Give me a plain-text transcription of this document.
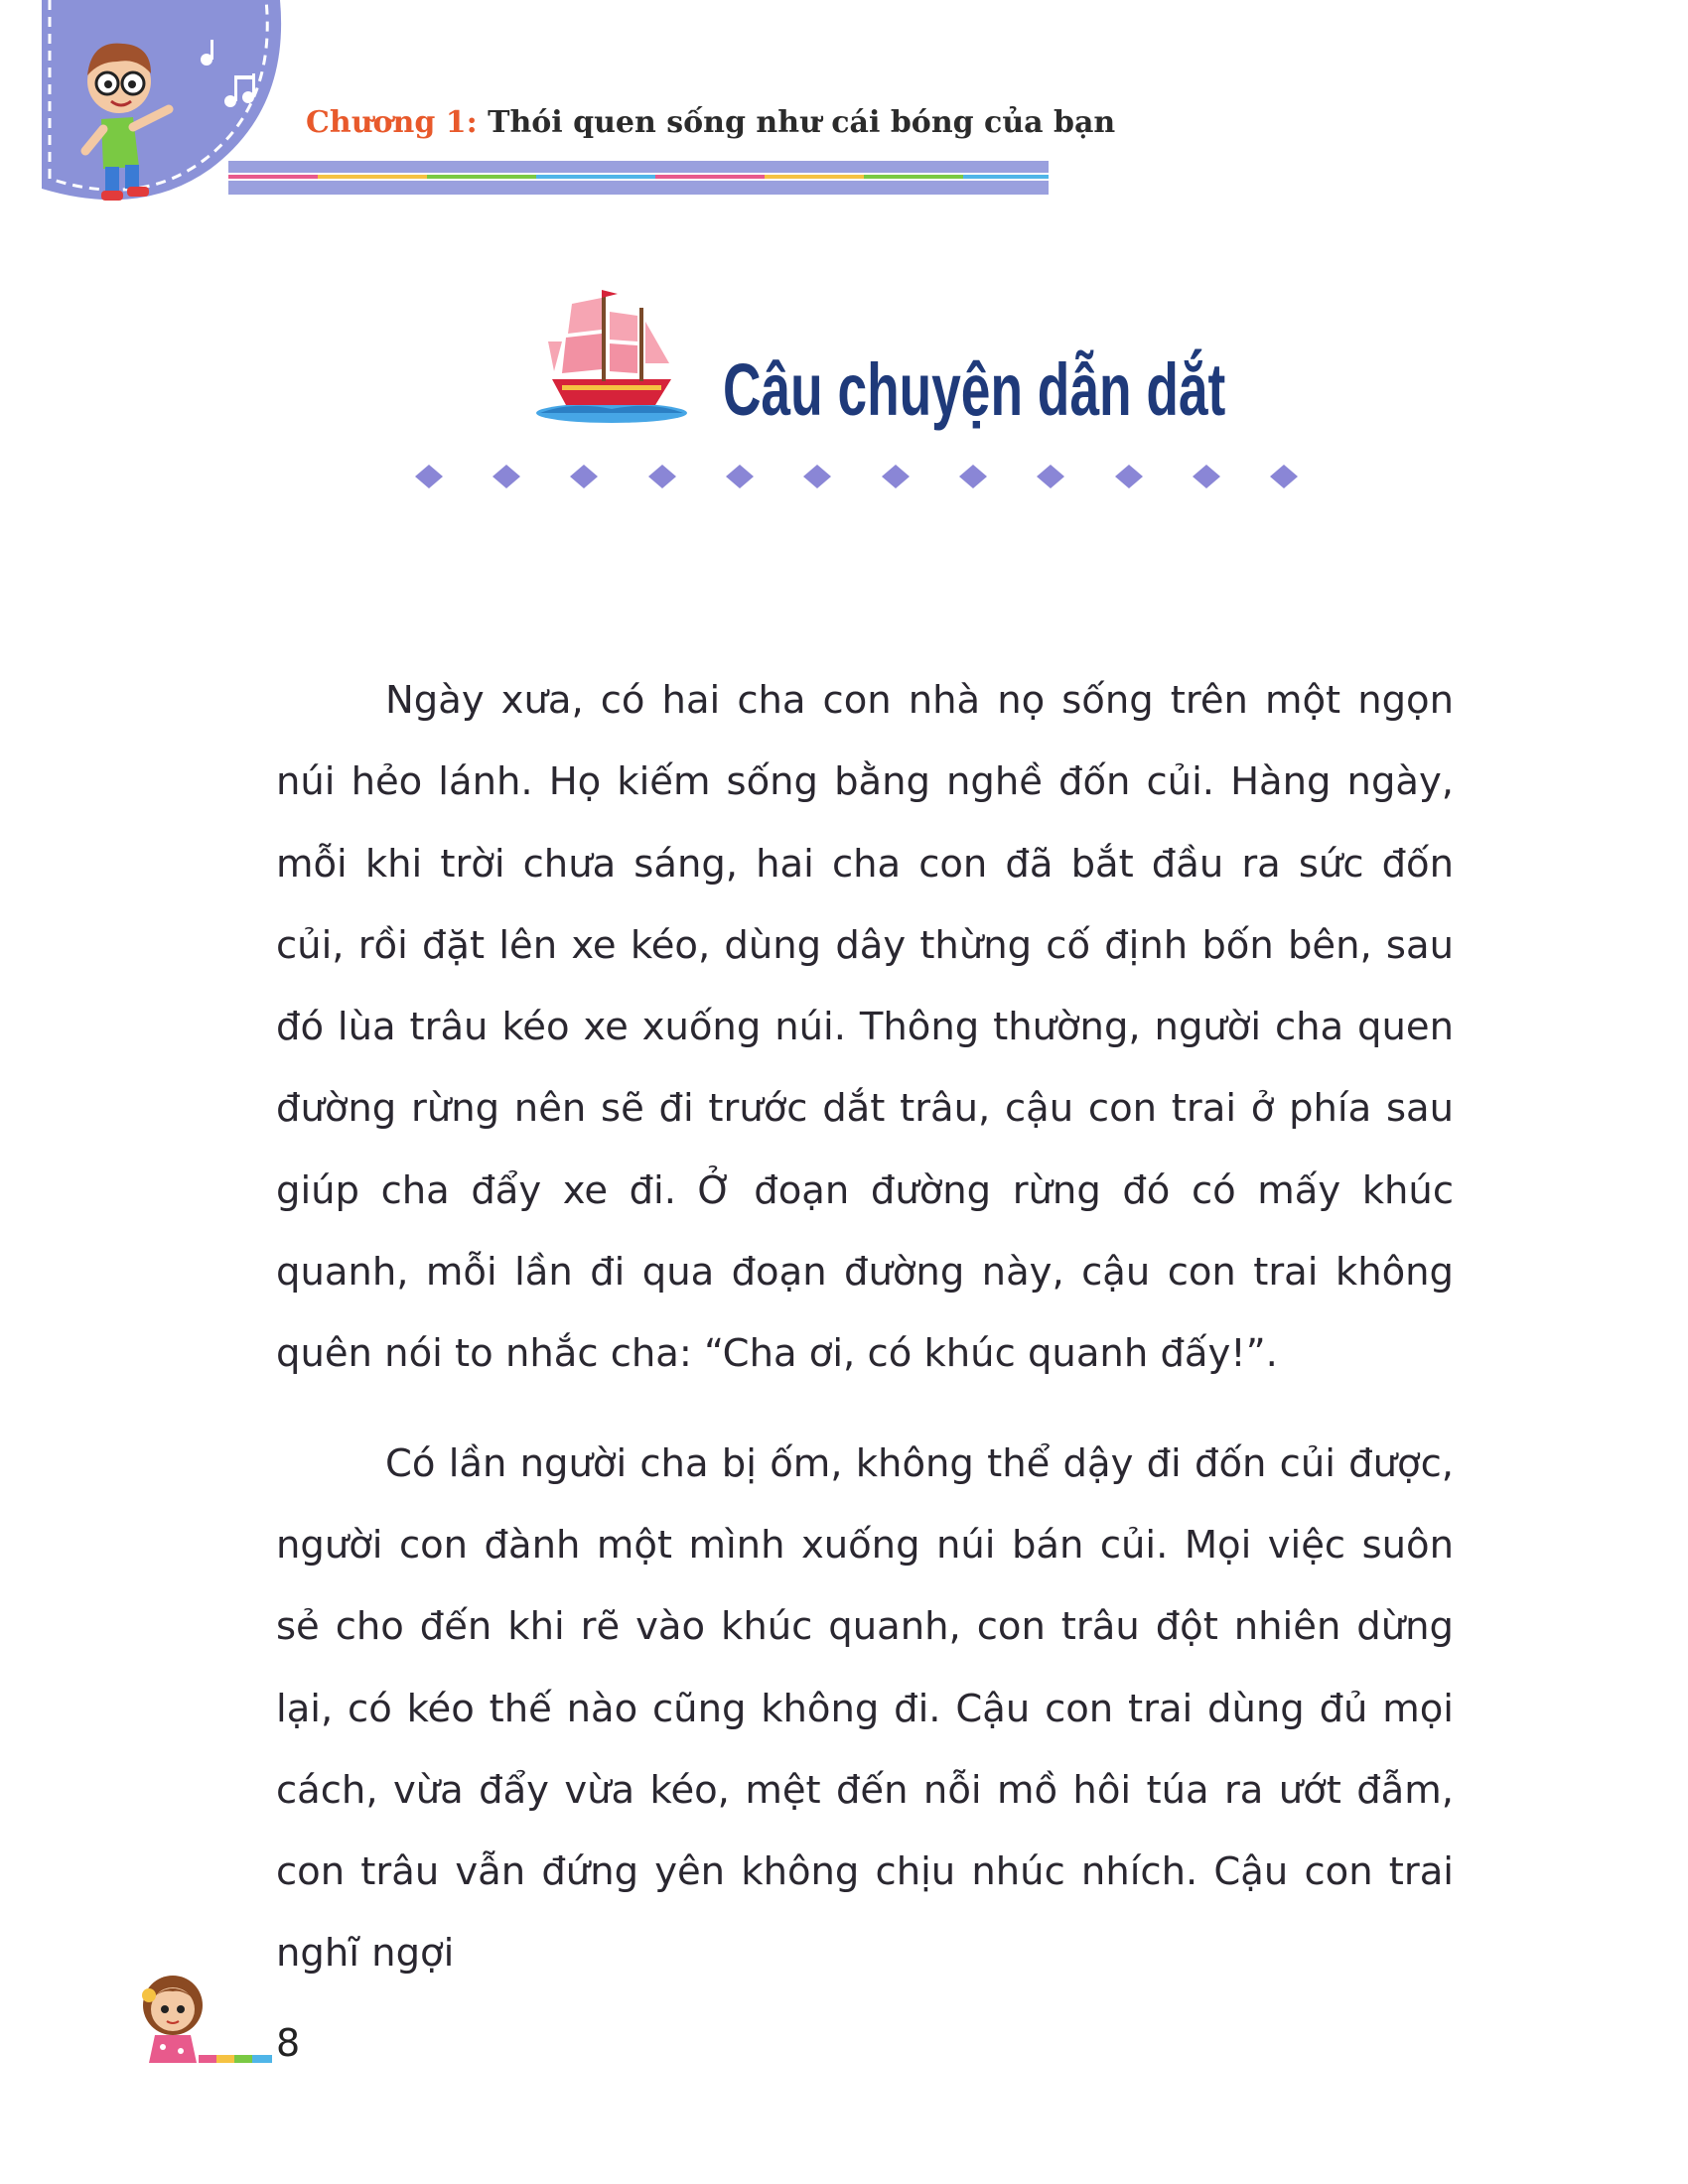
Chương 1: Thói quen sống như cái bóng của bạn
Câu chuyện dẫn dắt

Ngày xưa, có hai cha con nhà nọ sống trên một ngọn núi hẻo lánh. Họ kiếm sống bằng nghề đốn củi. Hàng ngày, mỗi khi trời chưa sáng, hai cha con đã bắt đầu ra sức đốn củi, rồi đặt lên xe kéo, dùng dây thừng cố định bốn bên, sau đó lùa trâu kéo xe xuống núi. Thông thường, người cha quen đường rừng nên sẽ đi trước dắt trâu, cậu con trai ở phía sau giúp cha đẩy xe đi. Ở đoạn đường rừng đó có mấy khúc quanh, mỗi lần đi qua đoạn đường này, cậu con trai không quên nói to nhắc cha: “Cha ơi, có khúc quanh đấy!”.

Có lần người cha bị ốm, không thể dậy đi đốn củi được, người con đành một mình xuống núi bán củi. Mọi việc suôn sẻ cho đến khi rẽ vào khúc quanh, con trâu đột nhiên dừng lại, có kéo thế nào cũng không đi. Cậu con trai dùng đủ mọi cách, vừa đẩy vừa kéo, mệt đến nỗi mồ hôi túa ra ướt đẫm, con trâu vẫn đứng yên không chịu nhúc nhích. Cậu con trai nghĩ ngợi

8
